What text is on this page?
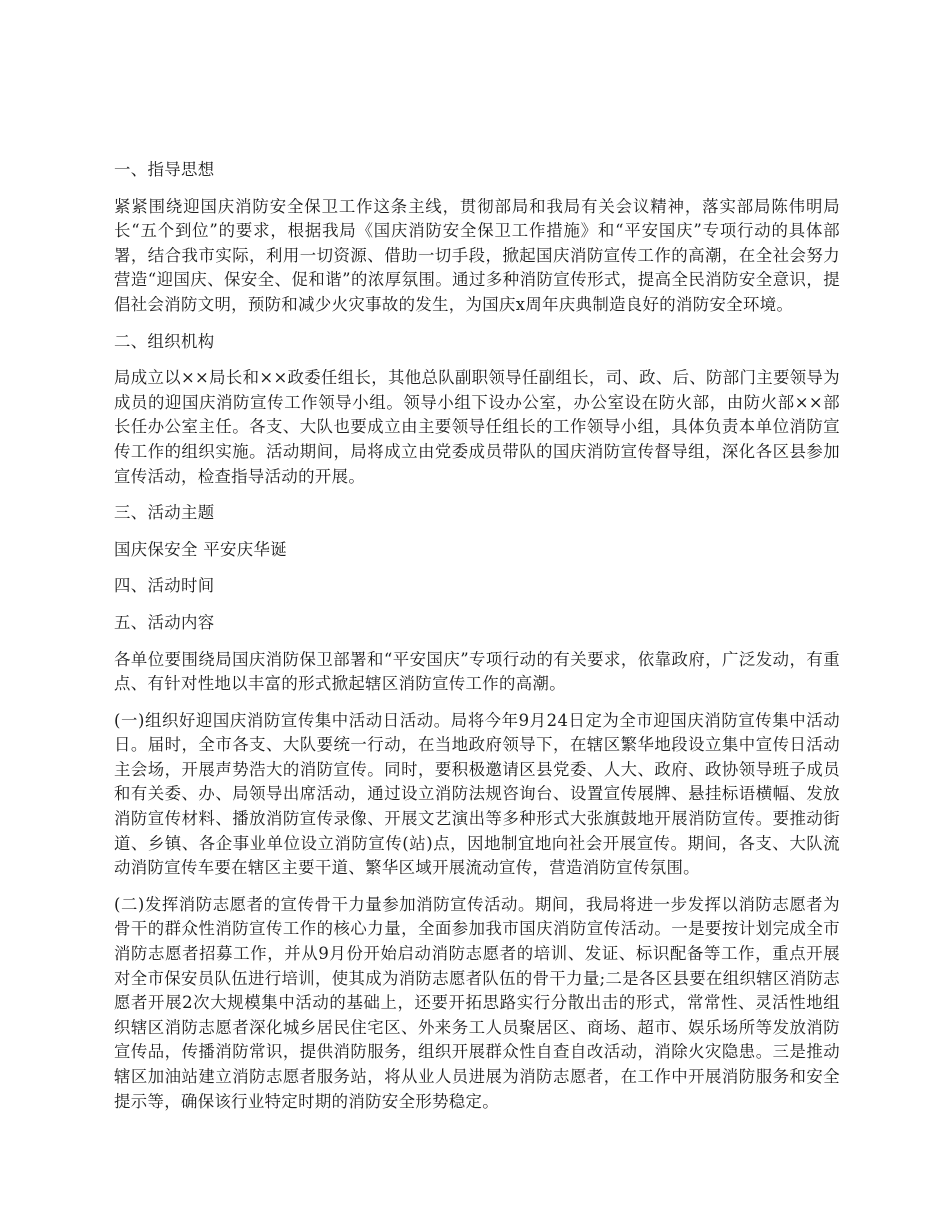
一、指导思想

紧紧围绕迎国庆消防安全保卫工作这条主线，贯彻部局和我局有关会议精神，落实部局陈伟明局长“五个到位”的要求，根据我局《国庆消防安全保卫工作措施》和“平安国庆”专项行动的具体部署，结合我市实际，利用一切资源、借助一切手段，掀起国庆消防宣传工作的高潮，在全社会努力营造“迎国庆、保安全、促和谐”的浓厚氛围。通过多种消防宣传形式，提高全民消防安全意识，提倡社会消防文明，预防和减少火灾事故的发生，为国庆x周年庆典制造良好的消防安全环境。

二、组织机构

局成立以××局长和××政委任组长，其他总队副职领导任副组长，司、政、后、防部门主要领导为成员的迎国庆消防宣传工作领导小组。领导小组下设办公室，办公室设在防火部，由防火部××部长任办公室主任。各支、大队也要成立由主要领导任组长的工作领导小组，具体负责本单位消防宣传工作的组织实施。活动期间，局将成立由党委成员带队的国庆消防宣传督导组，深化各区县参加宣传活动，检查指导活动的开展。

三、活动主题

国庆保安全 平安庆华诞

四、活动时间

五、活动内容

各单位要围绕局国庆消防保卫部署和“平安国庆”专项行动的有关要求，依靠政府，广泛发动，有重点、有针对性地以丰富的形式掀起辖区消防宣传工作的高潮。

(一)组织好迎国庆消防宣传集中活动日活动。局将今年9月24日定为全市迎国庆消防宣传集中活动日。届时，全市各支、大队要统一行动，在当地政府领导下，在辖区繁华地段设立集中宣传日活动主会场，开展声势浩大的消防宣传。同时，要积极邀请区县党委、人大、政府、政协领导班子成员和有关委、办、局领导出席活动，通过设立消防法规咨询台、设置宣传展牌、悬挂标语横幅、发放消防宣传材料、播放消防宣传录像、开展文艺演出等多种形式大张旗鼓地开展消防宣传。要推动街道、乡镇、各企事业单位设立消防宣传(站)点，因地制宜地向社会开展宣传。期间，各支、大队流动消防宣传车要在辖区主要干道、繁华区域开展流动宣传，营造消防宣传氛围。

(二)发挥消防志愿者的宣传骨干力量参加消防宣传活动。期间，我局将进一步发挥以消防志愿者为骨干的群众性消防宣传工作的核心力量，全面参加我市国庆消防宣传活动。一是要按计划完成全市消防志愿者招募工作，并从9月份开始启动消防志愿者的培训、发证、标识配备等工作，重点开展对全市保安员队伍进行培训，使其成为消防志愿者队伍的骨干力量;二是各区县要在组织辖区消防志愿者开展2次大规模集中活动的基础上，还要开拓思路实行分散出击的形式，常常性、灵活性地组织辖区消防志愿者深化城乡居民住宅区、外来务工人员聚居区、商场、超市、娱乐场所等发放消防宣传品，传播消防常识，提供消防服务，组织开展群众性自查自改活动，消除火灾隐患。三是推动辖区加油站建立消防志愿者服务站，将从业人员进展为消防志愿者，在工作中开展消防服务和安全提示等，确保该行业特定时期的消防安全形势稳定。
